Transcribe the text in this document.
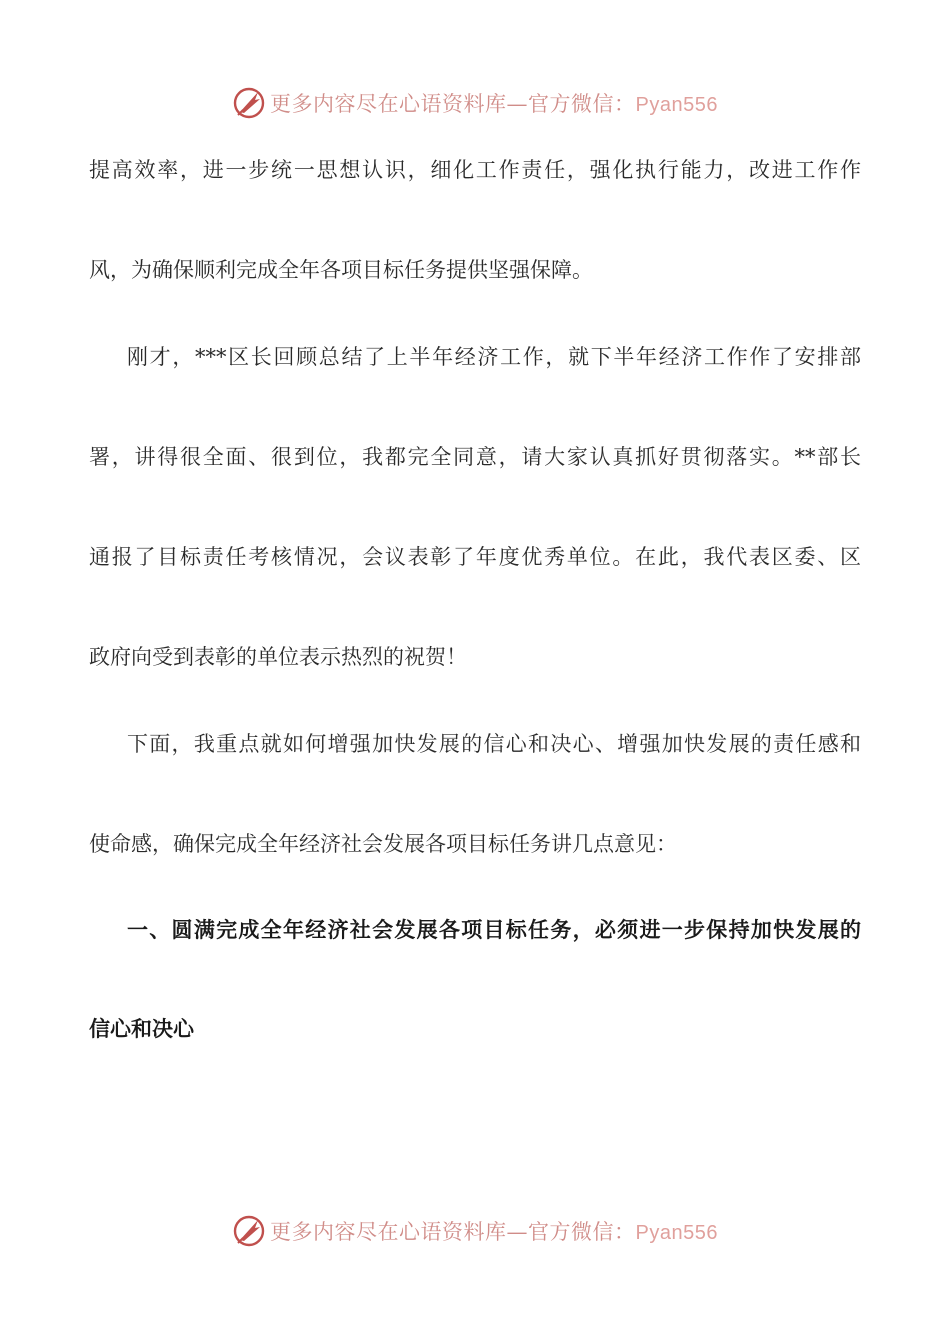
更多内容尽在心语资料库—官方微信：Pyan556
提高效率，进一步统一思想认识，细化工作责任，强化执行能力，改进工作作
风，为确保顺利完成全年各项目标任务提供坚强保障。
刚才，***区长回顾总结了上半年经济工作，就下半年经济工作作了安排部
署，讲得很全面、很到位，我都完全同意，请大家认真抓好贯彻落实。**部长
通报了目标责任考核情况，会议表彰了年度优秀单位。在此，我代表区委、区
政府向受到表彰的单位表示热烈的祝贺！
下面，我重点就如何增强加快发展的信心和决心、增强加快发展的责任感和
使命感，确保完成全年经济社会发展各项目标任务讲几点意见：
一、圆满完成全年经济社会发展各项目标任务，必须进一步保持加快发展的
信心和决心
更多内容尽在心语资料库—官方微信：Pyan556
